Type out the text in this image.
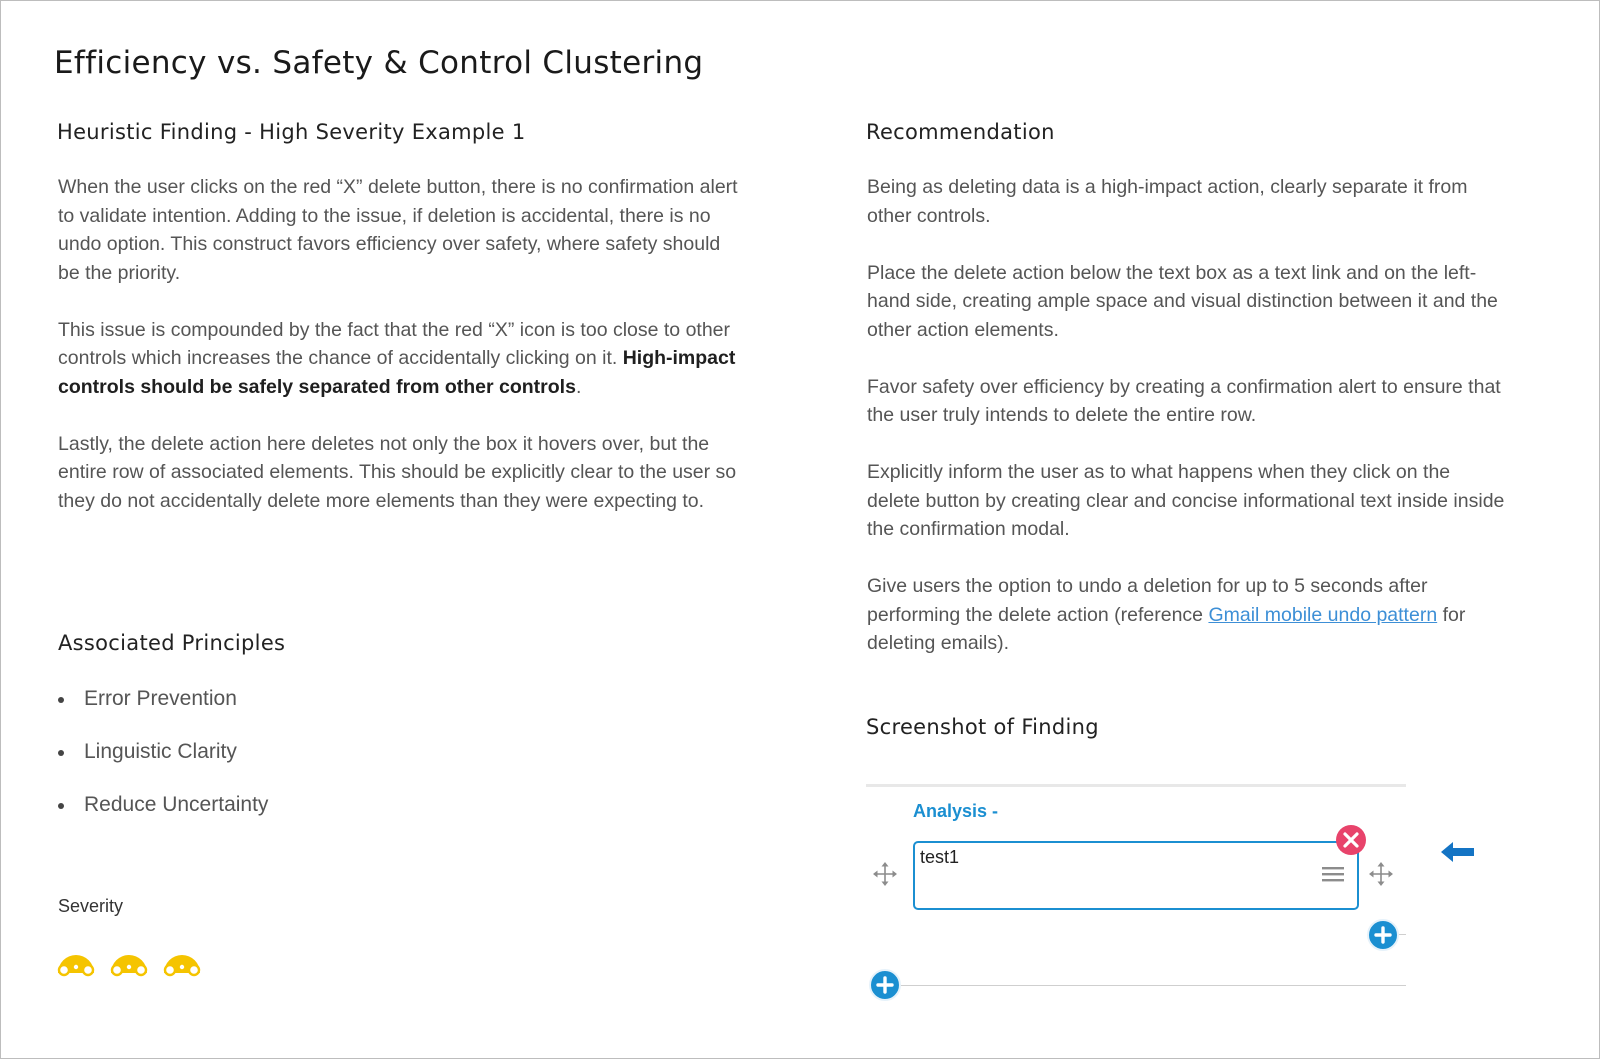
Efficiency vs. Safety & Control Clustering
Heuristic Finding - High Severity Example 1

When the user clicks on the red “X” delete button, there is no confirmation alert to validate intention. Adding to the issue, if deletion is accidental, there is no undo option. This construct favors efficiency over safety, where safety should be the priority.

This issue is compounded by the fact that the red “X” icon is too close to other controls which increases the chance of accidentally clicking on it. High-impact controls should be safely separated from other controls.

Lastly, the delete action here deletes not only the box it hovers over, but the entire row of associated elements. This should be explicitly clear to the user so they do not accidentally delete more elements than they were expecting to.

Associated Principles
Error Prevention
Linguistic Clarity
Reduce Uncertainty
Severity
Recommendation

Being as deleting data is a high-impact action, clearly separate it from other controls.

Place the delete action below the text box as a text link and on the left-hand side, creating ample space and visual distinction between it and the other action elements.

Favor safety over efficiency by creating a confirmation alert to ensure that the user truly intends to delete the entire row.

Explicitly inform the user as to what happens when they click on the delete button by creating clear and concise informational text inside inside the confirmation modal.

Give users the option to undo a deletion for up to 5 seconds after performing the delete action (reference Gmail mobile undo pattern for deleting emails).

Screenshot of Finding
Analysis -
test1
